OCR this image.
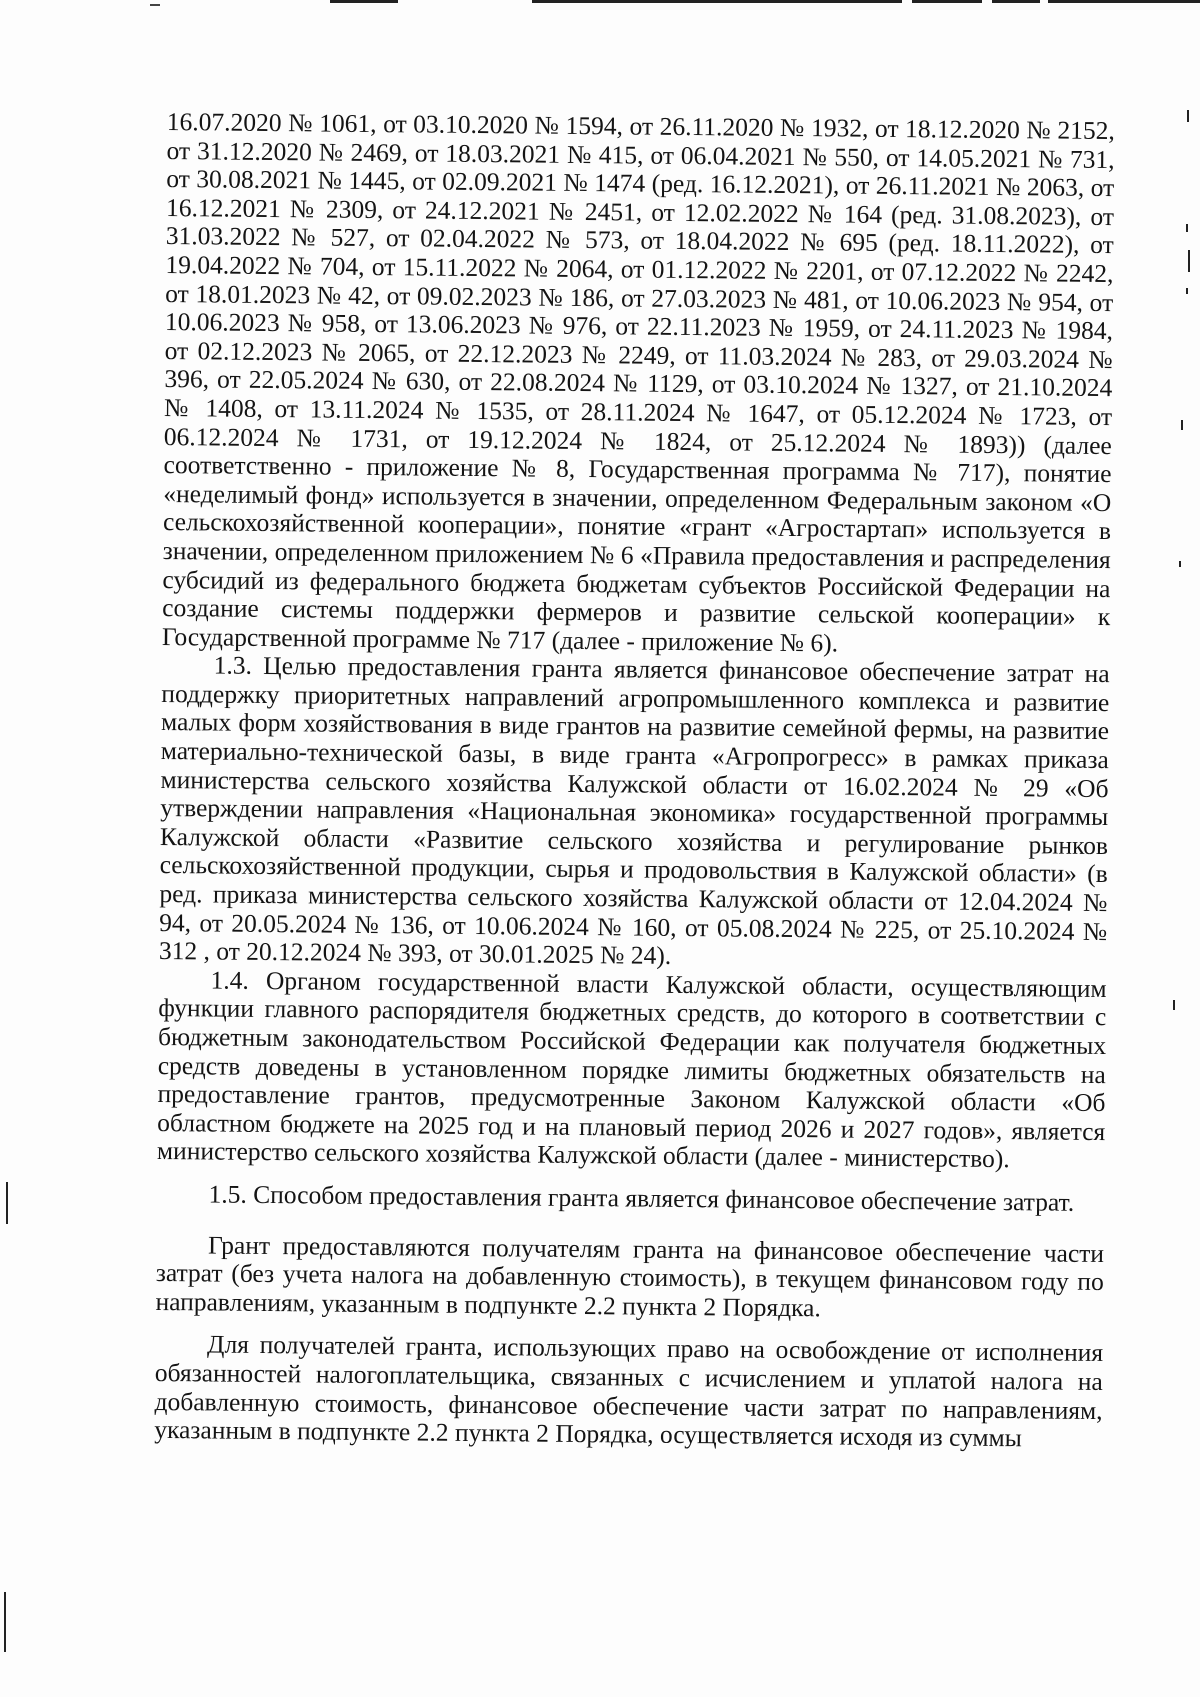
16.07.2020 № 1061, от 03.10.2020 № 1594, от 26.11.2020 № 1932, от 18.12.2020 № 2152, от 31.12.2020 № 2469, от 18.03.2021 № 415, от 06.04.2021 № 550, от 14.05.2021 № 731, от 30.08.2021 № 1445, от 02.09.2021 № 1474 (ред. 16.12.2021), от 26.11.2021 № 2063, от 16.12.2021 № 2309, от 24.12.2021 № 2451, от 12.02.2022 № 164 (ред. 31.08.2023), от 31.03.2022 № 527, от 02.04.2022 № 573, от 18.04.2022 № 695 (ред. 18.11.2022), от 19.04.2022 № 704, от 15.11.2022 № 2064, от 01.12.2022 № 2201, от 07.12.2022 № 2242, от 18.01.2023 № 42, от 09.02.2023 № 186, от 27.03.2023 № 481, от 10.06.2023 № 954, от 10.06.2023 № 958, от 13.06.2023 № 976, от 22.11.2023 № 1959, от 24.11.2023 № 1984, от 02.12.2023 № 2065, от 22.12.2023 № 2249, от 11.03.2024 № 283, от 29.03.2024 № 396, от 22.05.2024 № 630, от 22.08.2024 № 1129, от 03.10.2024 № 1327, от 21.10.2024 № 1408, от 13.11.2024 № 1535, от 28.11.2024 № 1647, от 05.12.2024 № 1723, от 06.12.2024 № 1731, от 19.12.2024 № 1824, от 25.12.2024 № 1893)) (далее соответственно - приложение № 8, Государственная программа № 717), понятие «неделимый фонд» используется в значении, определенном Федеральным законом «О сельскохозяйственной кооперации», понятие «грант «Агростартап» используется в значении, определенном приложением № 6 «Правила предоставления и распределения субсидий из федерального бюджета бюджетам субъектов Российской Федерации на создание системы поддержки фермеров и развитие сельской кооперации» к Государственной программе № 717 (далее - приложение № 6).

1.3. Целью предоставления гранта является финансовое обеспечение затрат на поддержку приоритетных направлений агропромышленного комплекса и развитие малых форм хозяйствования в виде грантов на развитие семейной фермы, на развитие материально-технической базы, в виде гранта «Агропрогресс» в рамках приказа министерства сельского хозяйства Калужской области от 16.02.2024 № 29 «Об утверждении направления «Национальная экономика» государственной программы Калужской области «Развитие сельского хозяйства и регулирование рынков сельскохозяйственной продукции, сырья и продовольствия в Калужской области» (в ред. приказа министерства сельского хозяйства Калужской области от 12.04.2024 № 94, от 20.05.2024 № 136, от 10.06.2024 № 160, от 05.08.2024 № 225, от 25.10.2024 № 312 , от 20.12.2024 № 393, от 30.01.2025 № 24).

1.4. Органом государственной власти Калужской области, осуществляющим функции главного распорядителя бюджетных средств, до которого в соответствии с бюджетным законодательством Российской Федерации как получателя бюджетных средств доведены в установленном порядке лимиты бюджетных обязательств на предоставление грантов, предусмотренные Законом Калужской области «Об областном бюджете на 2025 год и на плановый период 2026 и 2027 годов», является министерство сельского хозяйства Калужской области (далее - министерство).

1.5. Способом предоставления гранта является финансовое обеспечение затрат.

Грант предоставляются получателям гранта на финансовое обеспечение части затрат (без учета налога на добавленную стоимость), в текущем финансовом году по направлениям, указанным в подпункте 2.2 пункта 2 Порядка.

Для получателей гранта, использующих право на освобождение от исполнения обязанностей налогоплательщика, связанных с исчислением и уплатой налога на добавленную стоимость, финансовое обеспечение части затрат по направлениям, указанным в подпункте 2.2 пункта 2 Порядка, осуществляется исходя из суммы
